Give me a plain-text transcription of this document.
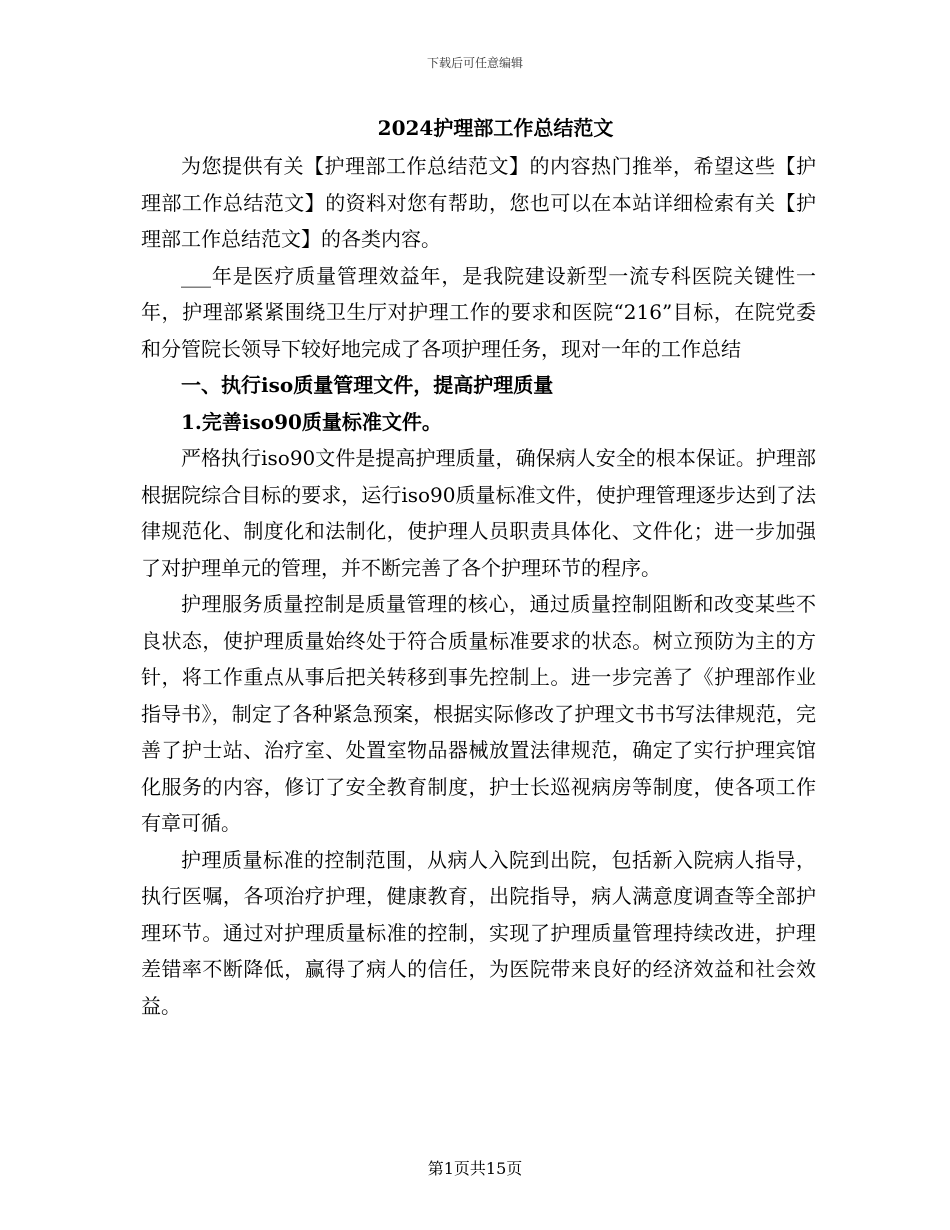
下载后可任意编辑
2024护理部工作总结范文

为您提供有关【护理部工作总结范文】的内容热门推举，希望这些【护理部工作总结范文】的资料对您有帮助，您也可以在本站详细检索有关【护理部工作总结范文】的各类内容。

___年是医疗质量管理效益年，是我院建设新型一流专科医院关键性一年，护理部紧紧围绕卫生厅对护理工作的要求和医院“216”目标，在院党委和分管院长领导下较好地完成了各项护理任务，现对一年的工作总结

一、执行iso质量管理文件，提高护理质量

1.完善iso90质量标准文件。

严格执行iso90文件是提高护理质量，确保病人安全的根本保证。护理部根据院综合目标的要求，运行iso90质量标准文件，使护理管理逐步达到了法律规范化、制度化和法制化，使护理人员职责具体化、文件化；进一步加强了对护理单元的管理，并不断完善了各个护理环节的程序。

护理服务质量控制是质量管理的核心，通过质量控制阻断和改变某些不良状态，使护理质量始终处于符合质量标准要求的状态。树立预防为主的方针，将工作重点从事后把关转移到事先控制上。进一步完善了《护理部作业指导书》，制定了各种紧急预案，根据实际修改了护理文书书写法律规范，完善了护士站、治疗室、处置室物品器械放置法律规范，确定了实行护理宾馆化服务的内容，修订了安全教育制度，护士长巡视病房等制度，使各项工作有章可循。

护理质量标准的控制范围，从病人入院到出院，包括新入院病人指导，执行医嘱，各项治疗护理，健康教育，出院指导，病人满意度调查等全部护理环节。通过对护理质量标准的控制，实现了护理质量管理持续改进，护理差错率不断降低，赢得了病人的信任，为医院带来良好的经济效益和社会效益。

第1页共15页
